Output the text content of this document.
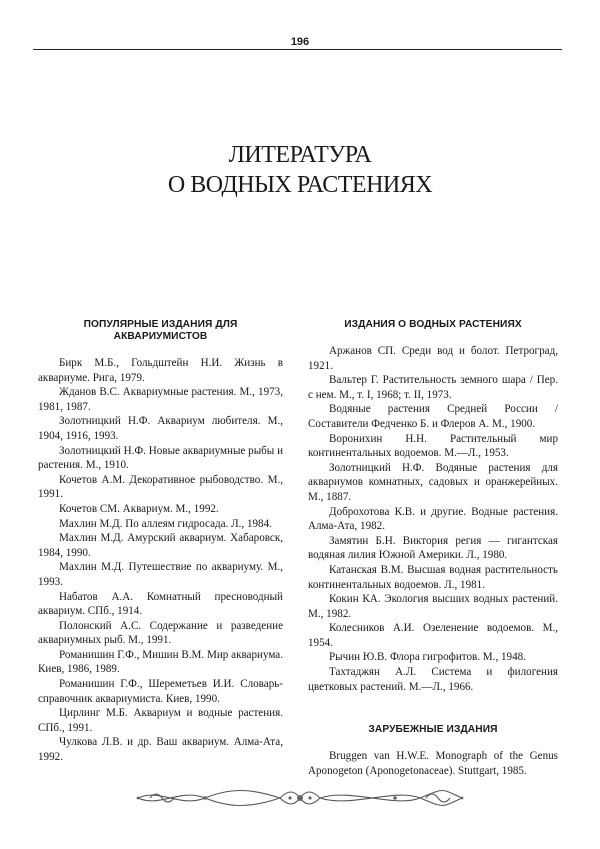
196
ЛИТЕРАТУРА
О ВОДНЫХ РАСТЕНИЯХ
ПОПУЛЯРНЫЕ ИЗДАНИЯ ДЛЯ АКВАРИУМИСТОВ

Бирк М.Б., Гольдштейн Н.И. Жизнь в аквариуме. Рига, 1979.

Жданов В.С. Аквариумные растения. М., 1973, 1981, 1987.

Золотницкий Н.Ф. Аквариум любителя. М., 1904, 1916, 1993.

Золотницкий Н.Ф. Новые аквариумные рыбы и растения. М., 1910.

Кочетов А.М. Декоративное рыбоводство. М., 1991.

Кочетов СМ. Аквариум. М., 1992.

Махлин М.Д. По аллеям гидросада. Л., 1984.

Махлин М.Д. Амурский аквариум. Хабаровск, 1984, 1990.

Махлин М.Д. Путешествие по аквариуму. М., 1993.

Набатов А.А. Комнатный пресноводный аквариум. СПб., 1914.

Полонский А.С. Содержание и разведение аквариумных рыб. М., 1991.

Романишин Г.Ф., Мишин В.М. Мир аквариума. Киев, 1986, 1989.

Романишин Г.Ф., Шереметьев И.И. Словарь-справочник аквариумиста. Киев, 1990.

Цирлинг М.Б. Аквариум и водные растения. СПб., 1991.

Чулкова Л.В. и др. Ваш аквариум. Алма-Ата, 1992.

ИЗДАНИЯ О ВОДНЫХ РАСТЕНИЯХ

Аржанов СП. Среди вод и болот. Петроград, 1921.

Вальтер Г. Растительность земного шара / Пер. с нем. М., т. I, 1968; т. II, 1973.

Водяные растения Средней России / Составители Федченко Б. и Флеров А. М., 1900.

Воронихин Н.Н. Растительный мир континентальных водоемов. М.—Л., 1953.

Золотницкий Н.Ф. Водяные растения для аквариумов комнатных, садовых и оранжерейных. М., 1887.

Доброхотова К.В. и другие. Водные растения. Алма-Ата, 1982.

Замятин Б.Н. Виктория регия — гигантская водяная лилия Южной Америки. Л., 1980.

Катанская В.М. Высшая водная растительность континентальных водоемов. Л., 1981.

Кокин КА. Экология высших водных растений. М., 1982.

Колесников А.И. Озеленение водоемов. М., 1954.

Рычин Ю.В. Флора гигрофитов. М., 1948.

Тахтаджян А.Л. Система и филогения цветковых растений. М.—Л., 1966.

ЗАРУБЕЖНЫЕ ИЗДАНИЯ

Bruggen van H.W.E. Monograph of the Genus Aponogeton (Aponogetonaceae). Stuttgart, 1985.
